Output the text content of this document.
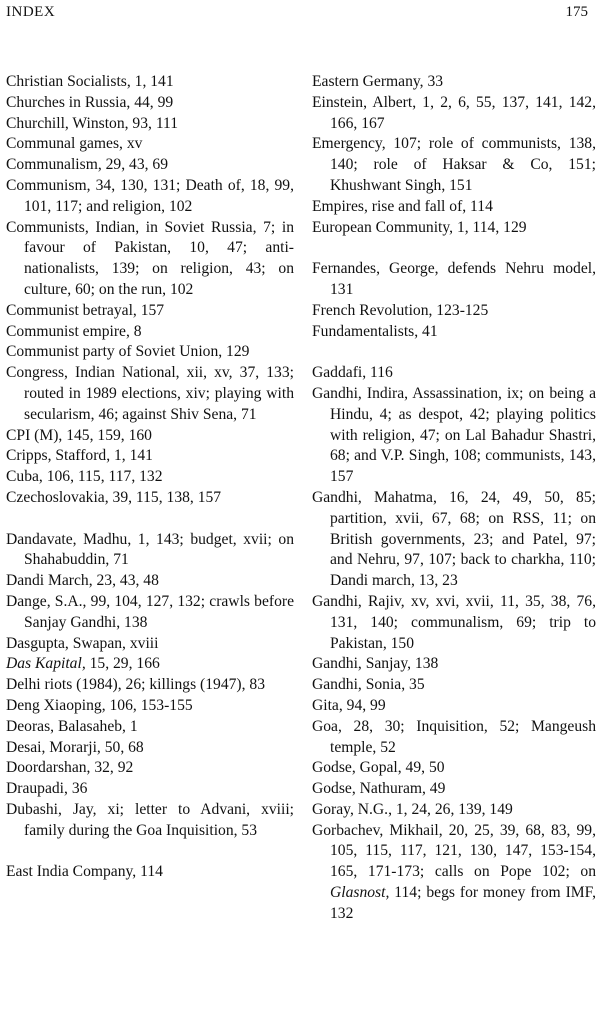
INDEX	175

Christian Socialists, 1, 141

Churches in Russia, 44, 99

Churchill, Winston, 93, 111

Communal games, xv

Communalism, 29, 43, 69

Communism, 34, 130, 131; Death of, 18, 99, 101, 117; and religion, 102

Communists, Indian, in Soviet Russia, 7; in favour of Pakistan, 10, 47; anti-nationalists, 139; on religion, 43; on culture, 60; on the run, 102

Communist betrayal, 157

Communist empire, 8

Communist party of Soviet Union, 129

Congress, Indian National, xii, xv, 37, 133; routed in 1989 elections, xiv; playing with secularism, 46; against Shiv Sena, 71

CPI (M), 145, 159, 160

Cripps, Stafford, 1, 141

Cuba, 106, 115, 117, 132

Czechoslovakia, 39, 115, 138, 157

Dandavate, Madhu, 1, 143; budget, xvii; on Shahabuddin, 71

Dandi March, 23, 43, 48

Dange, S.A., 99, 104, 127, 132; crawls before Sanjay Gandhi, 138

Dasgupta, Swapan, xviii

Das Kapital, 15, 29, 166

Delhi riots (1984), 26; killings (1947), 83

Deng Xiaoping, 106, 153-155

Deoras, Balasaheb, 1

Desai, Morarji, 50, 68

Doordarshan, 32, 92

Draupadi, 36

Dubashi, Jay, xi; letter to Advani, xviii; family during the Goa Inquisition, 53

East India Company, 114

Eastern Germany, 33

Einstein, Albert, 1, 2, 6, 55, 137, 141, 142, 166, 167

Emergency, 107; role of communists, 138, 140; role of Haksar & Co, 151; Khushwant Singh, 151

Empires, rise and fall of, 114

European Community, 1, 114, 129

Fernandes, George, defends Nehru model, 131

French Revolution, 123-125

Fundamentalists, 41

Gaddafi, 116

Gandhi, Indira, Assassination, ix; on being a Hindu, 4; as despot, 42; playing politics with religion, 47; on Lal Bahadur Shastri, 68; and V.P. Singh, 108; communists, 143, 157

Gandhi, Mahatma, 16, 24, 49, 50, 85; partition, xvii, 67, 68; on RSS, 11; on British governments, 23; and Patel, 97; and Nehru, 97, 107; back to charkha, 110; Dandi march, 13, 23

Gandhi, Rajiv, xv, xvi, xvii, 11, 35, 38, 76, 131, 140; communalism, 69; trip to Pakistan, 150

Gandhi, Sanjay, 138

Gandhi, Sonia, 35

Gita, 94, 99

Goa, 28, 30; Inquisition, 52; Mangeush temple, 52

Godse, Gopal, 49, 50

Godse, Nathuram, 49

Goray, N.G., 1, 24, 26, 139, 149

Gorbachev, Mikhail, 20, 25, 39, 68, 83, 99, 105, 115, 117, 121, 130, 147, 153-154, 165, 171-173; calls on Pope 102; on Glasnost, 114; begs for money from IMF, 132
